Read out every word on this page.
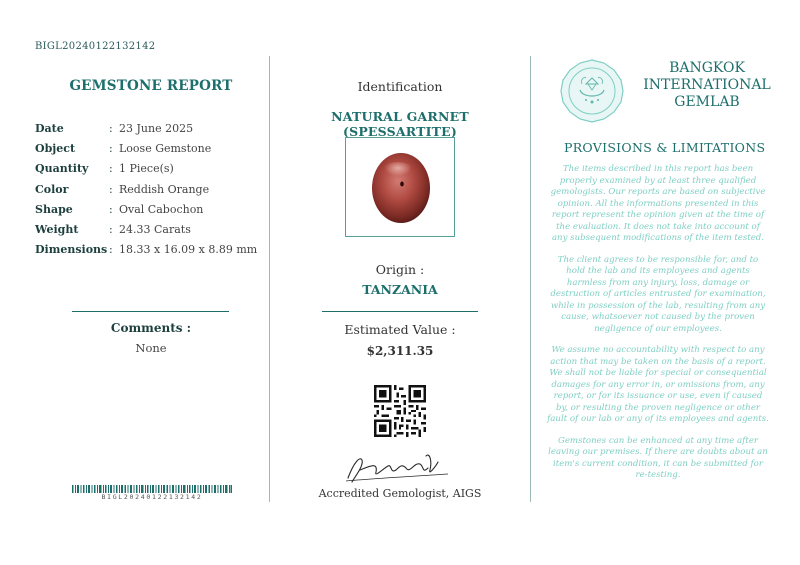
BIGL20240122132142
GEMSTONE REPORT
Date	: 23 June 2025
Object	: Loose Gemstone
Quantity	: 1 Piece(s)
Color	: Reddish Orange
Shape	: Oval Cabochon
Weight	: 24.33 Carats
Dimensions : 18.33 x 16.09 x 8.89 mm
Comments :
None
BIGL20240122132142
Identification
NATURAL GARNET (SPESSARTITE)
Origin :
TANZANIA
Estimated Value :
$2,311.35
Accredited Gemologist, AIGS
BANGKOK
INTERNATIONAL
GEMLAB
PROVISIONS & LIMITATIONS

The items described in this report has been properly examined by at least three qualified gemologists. Our reports are based on subjective opinion. All the informations presented in this report represent the opinion given at the time of the evaluation. It does not take into account of any subsequent modifications of the item tested.

The client agrees to be responsible for, and to hold the lab and its employees and agents harmless from any injury, loss, damage or destruction of articles entrusted for examination, while in possession of the lab, resulting from any cause, whatsoever not caused by the proven negligence of our employees.

We assume no accountability with respect to any action that may be taken on the basis of a report. We shall not be liable for special or consequential damages for any error in, or omissions from, any report, or for its issuance or use, even if caused by, or resulting the proven negligence or other fault of our lab or any of its employees and agents.

Gemstones can be enhanced at any time after leaving our premises. If there are doubts about an item's current condition, it can be submitted for re-testing.
